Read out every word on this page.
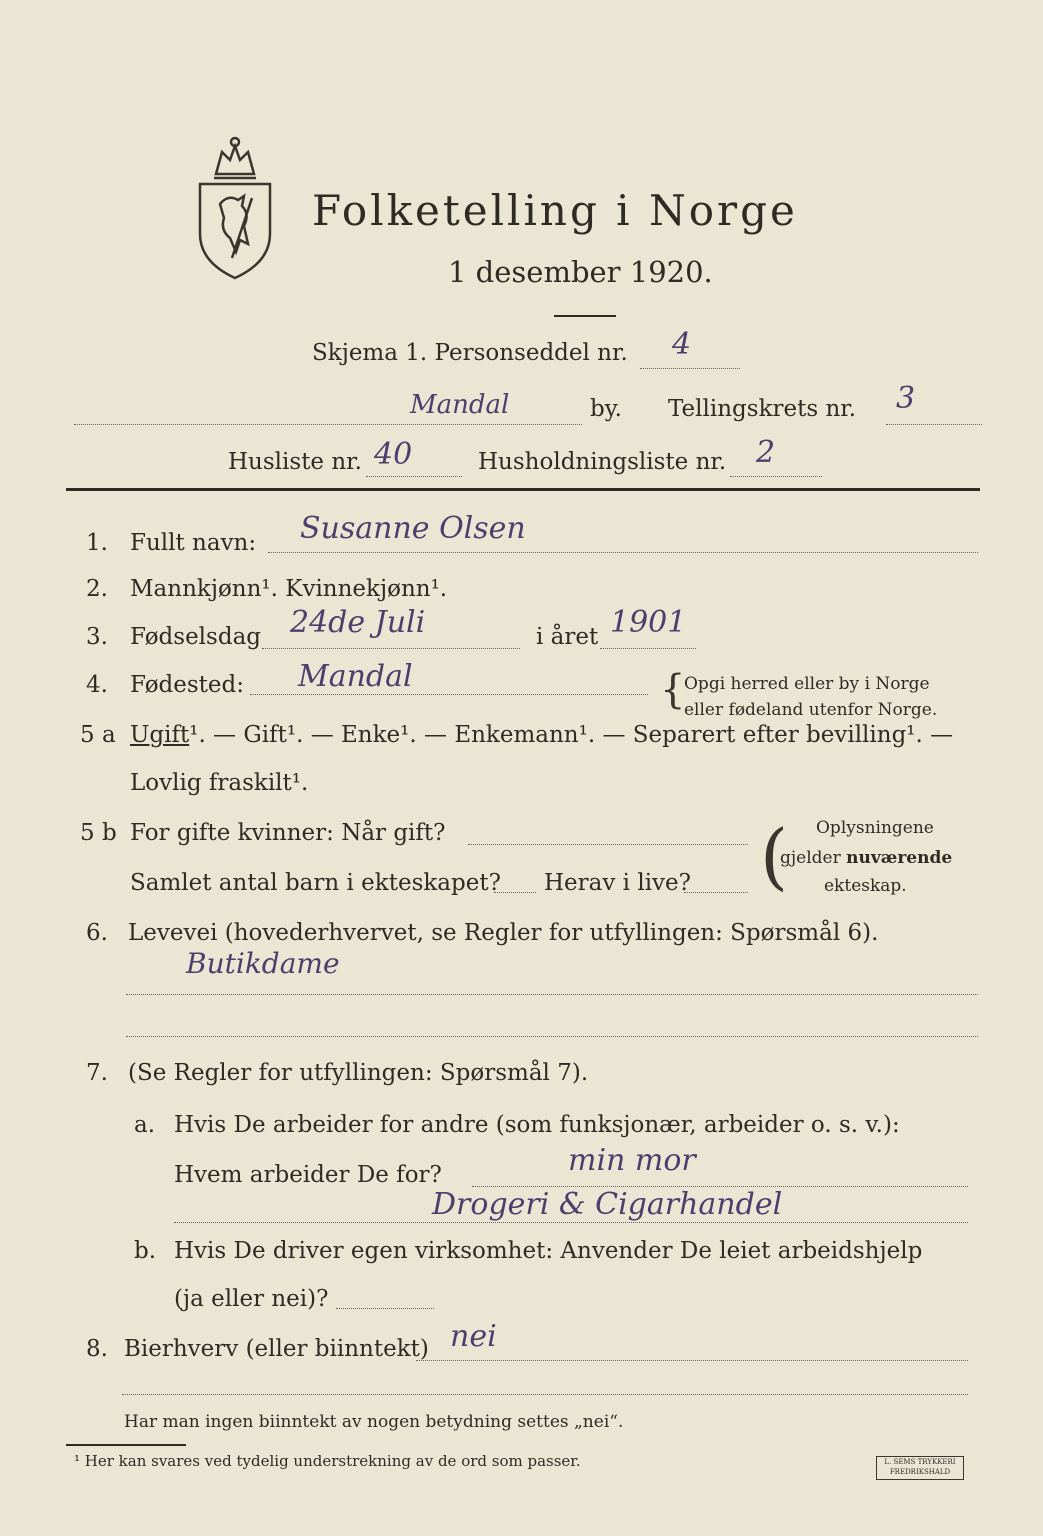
Folketelling i Norge
1 desember 1920.
Skjema 1. Personseddel nr. 4
Mandal	by. Tellingskrets nr. 3
Husliste nr. 40	Husholdningsliste nr. 2
1. Fullt navn: Susanne Olsen
2. Mannkjønn¹. Kvinnekjønn¹.
3. Fødselsdag 24de Juli	i året 1901
4. Fødested: Mandal	{
Opgi herred eller by i Norge
eller fødeland utenfor Norge.
5 a Ugift¹. — Gift¹. — Enke¹. — Enkemann¹. — Separert efter bevilling¹. —
Lovlig fraskilt¹.
5 b For gifte kvinner: Når gift?
Samlet antal barn i ekteskapet? Herav i live? ( Oplysningene
gjelder nuværende
ekteskap.
6. Levevei (hovederhvervet, se Regler for utfyllingen: Spørsmål 6).
Butikdame
7. (Se Regler for utfyllingen: Spørsmål 7).
a. Hvis De arbeider for andre (som funksjonær, arbeider o. s. v.):
Hvem arbeider De for?	min mor
Drogeri & Cigarhandel
b. Hvis De driver egen virksomhet: Anvender De leiet arbeidshjelp
(ja eller nei)?
8. Bierhverv (eller biinntekt) nei
Har man ingen biinntekt av nogen betydning settes „nei“.
¹ Her kan svares ved tydelig understrekning av de ord som passer.	L. SEMS TRYKKERI
FREDRIKSHALD
